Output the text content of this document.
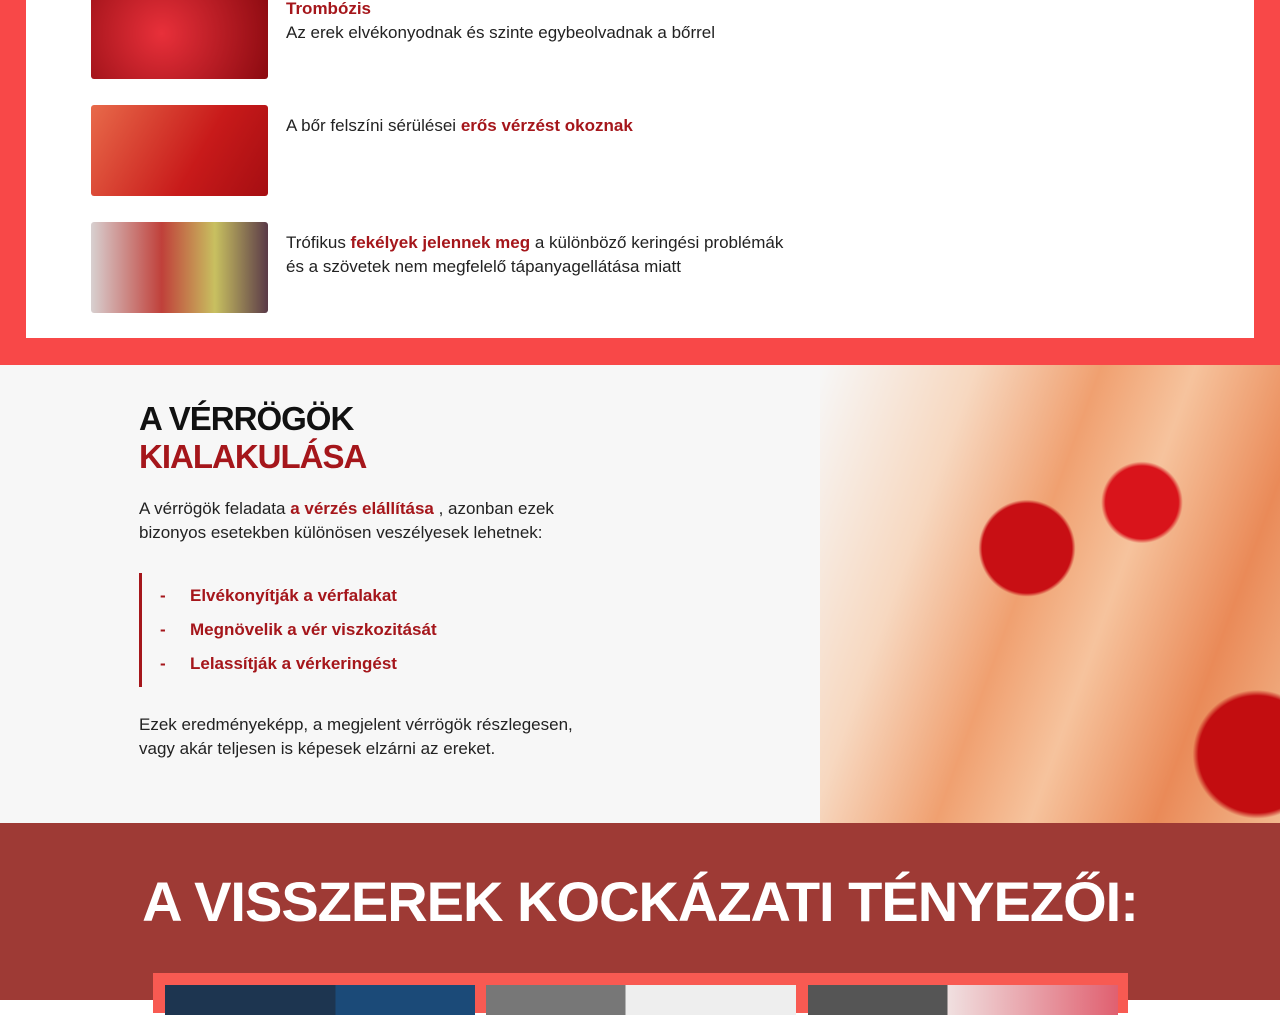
Trombózis
Az erek elvékonyodnak és szinte egybeolvadnak a bőrrel
A bőr felszíni sérülései erős vérzést okoznak
Trófikus fekélyek jelennek meg a különböző keringési problémák
és a szövetek nem megfelelő tápanyagellátása miatt
A VÉRRÖGÖK
KIALAKULÁSA
A vérrögök feladata a vérzés elállítása , azonban ezek
bizonyos esetekben különösen veszélyesek lehetnek:
- Elvékonyítják a vérfalakat
- Megnövelik a vér viszkozitását
- Lelassítják a vérkeringést
Ezek eredményeképp, a megjelent vérrögök részlegesen,
vagy akár teljesen is képesek elzárni az ereket.
A VISSZEREK KOCKÁZATI TÉNYEZŐI:
